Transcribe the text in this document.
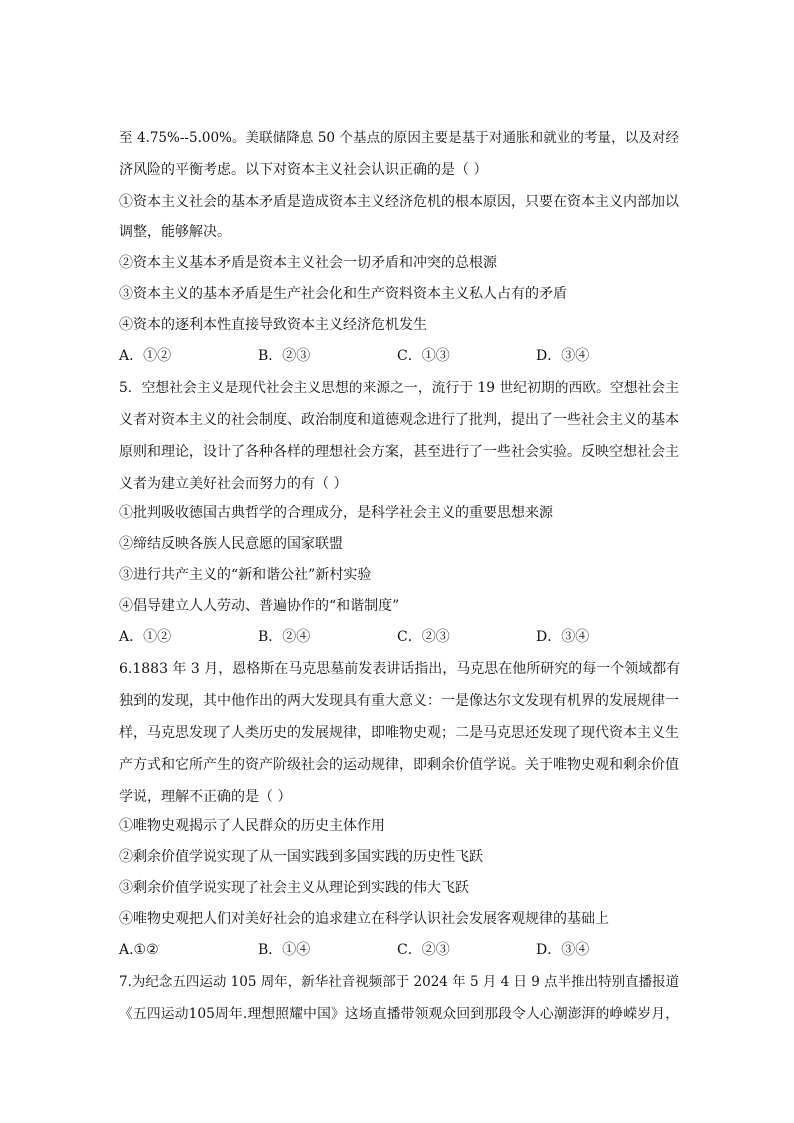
至 4.75%--5.00%。美联储降息 50 个基点的原因主要是基于对通胀和就业的考量，以及对经
济风险的平衡考虑。以下对资本主义社会认识正确的是（ ）
①资本主义社会的基本矛盾是造成资本主义经济危机的根本原因，只要在资本主义内部加以
调整，能够解决。
②资本主义基本矛盾是资本主义社会一切矛盾和冲突的总根源
③资本主义的基本矛盾是生产社会化和生产资料资本主义私人占有的矛盾
④资本的逐利本性直接导致资本主义经济危机发生
A．①②	B．②③	C．①③	D．③④
5．空想社会主义是现代社会主义思想的来源之一，流行于 19 世纪初期的西欧。空想社会主
义者对资本主义的社会制度、政治制度和道德观念进行了批判，提出了一些社会主义的基本
原则和理论，设计了各种各样的理想社会方案，甚至进行了一些社会实验。反映空想社会主
义者为建立美好社会而努力的有（ ）
①批判吸收德国古典哲学的合理成分，是科学社会主义的重要思想来源
②缔结反映各族人民意愿的国家联盟
③进行共产主义的“新和谐公社”新村实验
④倡导建立人人劳动、普遍协作的“和谐制度”
A．①②	B．②④	C．②③	D．③④
6.1883 年 3 月，恩格斯在马克思墓前发表讲话指出，马克思在他所研究的每一个领域都有
独到的发现，其中他作出的两大发现具有重大意义：一是像达尔文发现有机界的发展规律一
样，马克思发现了人类历史的发展规律，即唯物史观；二是马克思还发现了现代资本主义生
产方式和它所产生的资产阶级社会的运动规律，即剩余价值学说。关于唯物史观和剩余价值
学说，理解不正确的是（ ）
①唯物史观揭示了人民群众的历史主体作用
②剩余价值学说实现了从一国实践到多国实践的历史性飞跃
③剩余价值学说实现了社会主义从理论到实践的伟大飞跃
④唯物史观把人们对美好社会的追求建立在科学认识社会发展客观规律的基础上
A.①②	B．①④	C．②③	D．③④
7.为纪念五四运动 105 周年，新华社音视频部于 2024 年 5 月 4 日 9 点半推出特别直播报道
《五四运动105周年.理想照耀中国》这场直播带领观众回到那段令人心潮澎湃的峥嵘岁月，
